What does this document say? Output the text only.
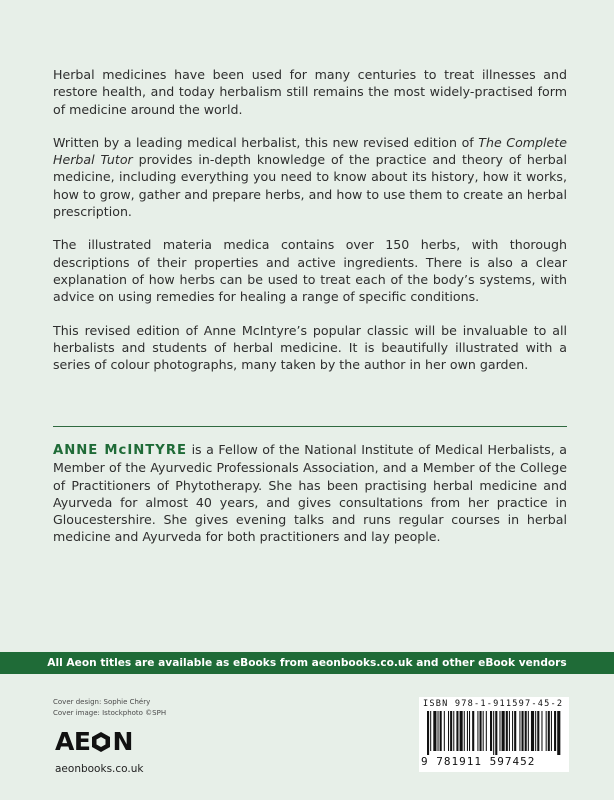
Herbal medicines have been used for many centuries to treat illnesses and restore health, and today herbalism still remains the most widely-practised form of medicine around the world.

Written by a leading medical herbalist, this new revised edition of The Complete Herbal Tutor provides in-depth knowledge of the practice and theory of herbal medicine, including everything you need to know about its history, how it works, how to grow, gather and prepare herbs, and how to use them to create an herbal prescription.

The illustrated materia medica contains over 150 herbs, with thorough descriptions of their properties and active ingredients. There is also a clear explanation of how herbs can be used to treat each of the body’s systems, with advice on using remedies for healing a range of specific conditions.

This revised edition of Anne McIntyre’s popular classic will be invaluable to all herbalists and students of herbal medicine. It is beautifully illustrated with a series of colour photographs, many taken by the author in her own garden.

ANNE McINTYRE is a Fellow of the National Institute of Medical Herbalists, a Member of the Ayurvedic Professionals Association, and a Member of the College of Practitioners of Phytotherapy. She has been practising herbal medicine and Ayurveda for almost 40 years, and gives consultations from her practice in Gloucestershire. She gives evening talks and runs regular courses in herbal medicine and Ayurveda for both practitioners and lay people.

All Aeon titles are available as eBooks from aeonbooks.co.uk and other eBook vendors
Cover design: Sophie Chéry
Cover image: Istockphoto ©SPH
A E N
aeonbooks.co.uk
ISBN 978-1-911597-45-2
9 781911 597452
